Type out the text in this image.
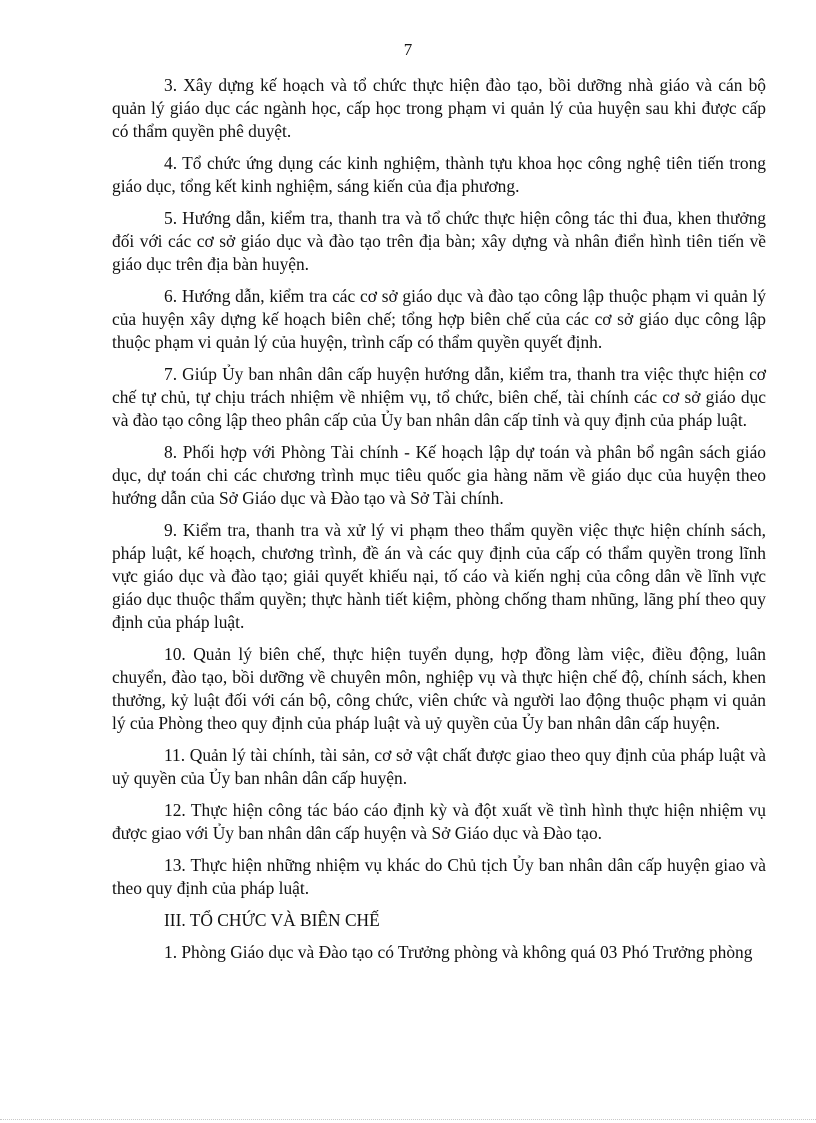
7

3. Xây dựng kế hoạch và tổ chức thực hiện đào tạo, bồi dưỡng nhà giáo và cán bộ quản lý giáo dục các ngành học, cấp học trong phạm vi quản lý của huyện sau khi được cấp có thẩm quyền phê duyệt.

4. Tổ chức ứng dụng các kinh nghiệm, thành tựu khoa học công nghệ tiên tiến trong giáo dục, tổng kết kinh nghiệm, sáng kiến của địa phương.

5. Hướng dẫn, kiểm tra, thanh tra và tổ chức thực hiện công tác thi đua, khen thưởng đối với các cơ sở giáo dục và đào tạo trên địa bàn; xây dựng và nhân điển hình tiên tiến về giáo dục trên địa bàn huyện.

6. Hướng dẫn, kiểm tra các cơ sở giáo dục và đào tạo công lập thuộc phạm vi quản lý của huyện xây dựng kế hoạch biên chế; tổng hợp biên chế của các cơ sở giáo dục công lập thuộc phạm vi quản lý của huyện, trình cấp có thẩm quyền quyết định.

7. Giúp Ủy ban nhân dân cấp huyện hướng dẫn, kiểm tra, thanh tra việc thực hiện cơ chế tự chủ, tự chịu trách nhiệm về nhiệm vụ, tổ chức, biên chế, tài chính các cơ sở giáo dục và đào tạo công lập theo phân cấp của Ủy ban nhân dân cấp tỉnh và quy định của pháp luật.

8. Phối hợp với Phòng Tài chính - Kế hoạch lập dự toán và phân bổ ngân sách giáo dục, dự toán chi các chương trình mục tiêu quốc gia hàng năm về giáo dục của huyện theo hướng dẫn của Sở Giáo dục và Đào tạo và Sở Tài chính.

9. Kiểm tra, thanh tra và xử lý vi phạm theo thẩm quyền việc thực hiện chính sách, pháp luật, kế hoạch, chương trình, đề án và các quy định của cấp có thẩm quyền trong lĩnh vực giáo dục và đào tạo; giải quyết khiếu nại, tố cáo và kiến nghị của công dân về lĩnh vực giáo dục thuộc thẩm quyền; thực hành tiết kiệm, phòng chống tham nhũng, lãng phí theo quy định của pháp luật.

10. Quản lý biên chế, thực hiện tuyển dụng, hợp đồng làm việc, điều động, luân chuyển, đào tạo, bồi dưỡng về chuyên môn, nghiệp vụ và thực hiện chế độ, chính sách, khen thưởng, kỷ luật đối với cán bộ, công chức, viên chức và người lao động thuộc phạm vi quản lý của Phòng theo quy định của pháp luật và uỷ quyền của Ủy ban nhân dân cấp huyện.

11. Quản lý tài chính, tài sản, cơ sở vật chất được giao theo quy định của pháp luật và uỷ quyền của Ủy ban nhân dân cấp huyện.

12. Thực hiện công tác báo cáo định kỳ và đột xuất về tình hình thực hiện nhiệm vụ được giao với Ủy ban nhân dân cấp huyện và Sở Giáo dục và Đào tạo.

13. Thực hiện những nhiệm vụ khác do Chủ tịch Ủy ban nhân dân cấp huyện giao và theo quy định của pháp luật.

III. TỔ CHỨC VÀ BIÊN CHẾ

1. Phòng Giáo dục và Đào tạo có Trưởng phòng và không quá 03 Phó Trưởng phòng
